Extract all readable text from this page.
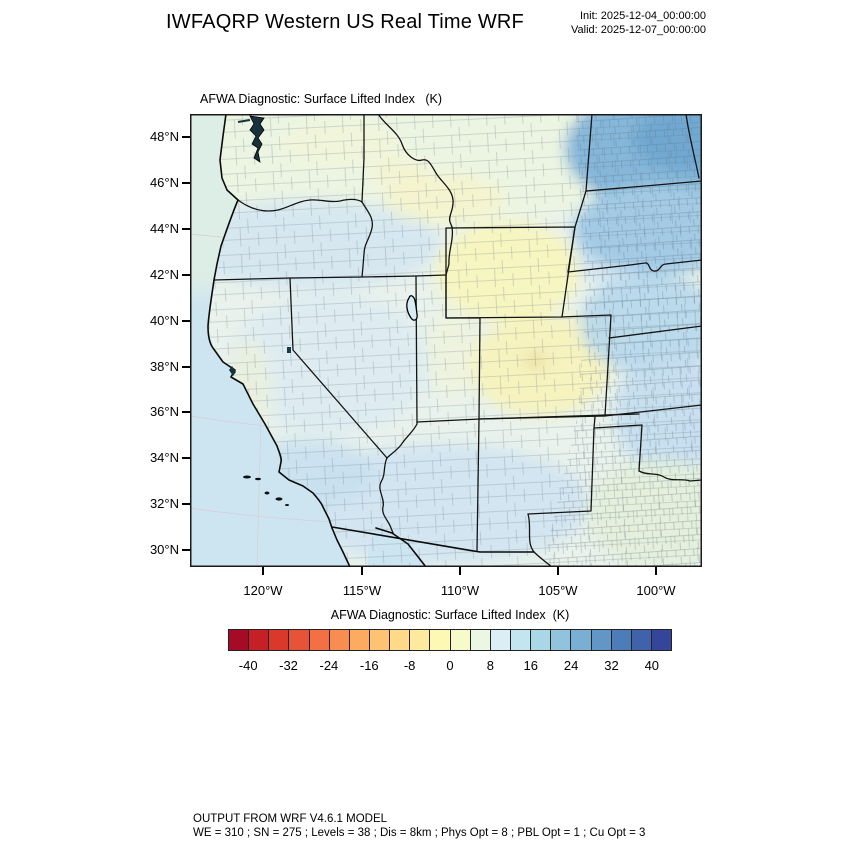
IWFAQRP Western US Real Time WRF	Init: 2025-12-04_00:00:00
Valid: 2025-12-07_00:00:00
AFWA Diagnostic: Surface Lifted Index   (K)
AFWA Diagnostic: Surface Lifted Index  (K)
OUTPUT FROM WRF V4.6.1 MODEL
WE = 310 ; SN = 275 ; Levels = 38 ; Dis = 8km ; Phys Opt = 8 ; PBL Opt = 1 ; Cu Opt = 3
48°N
46°N
44°N
42°N
40°N
38°N
36°N
34°N
32°N
30°N
120°W	115°W	110°W	105°W	100°W
-40	-32	-24	-16	-8	0	8	16	24	32	40
